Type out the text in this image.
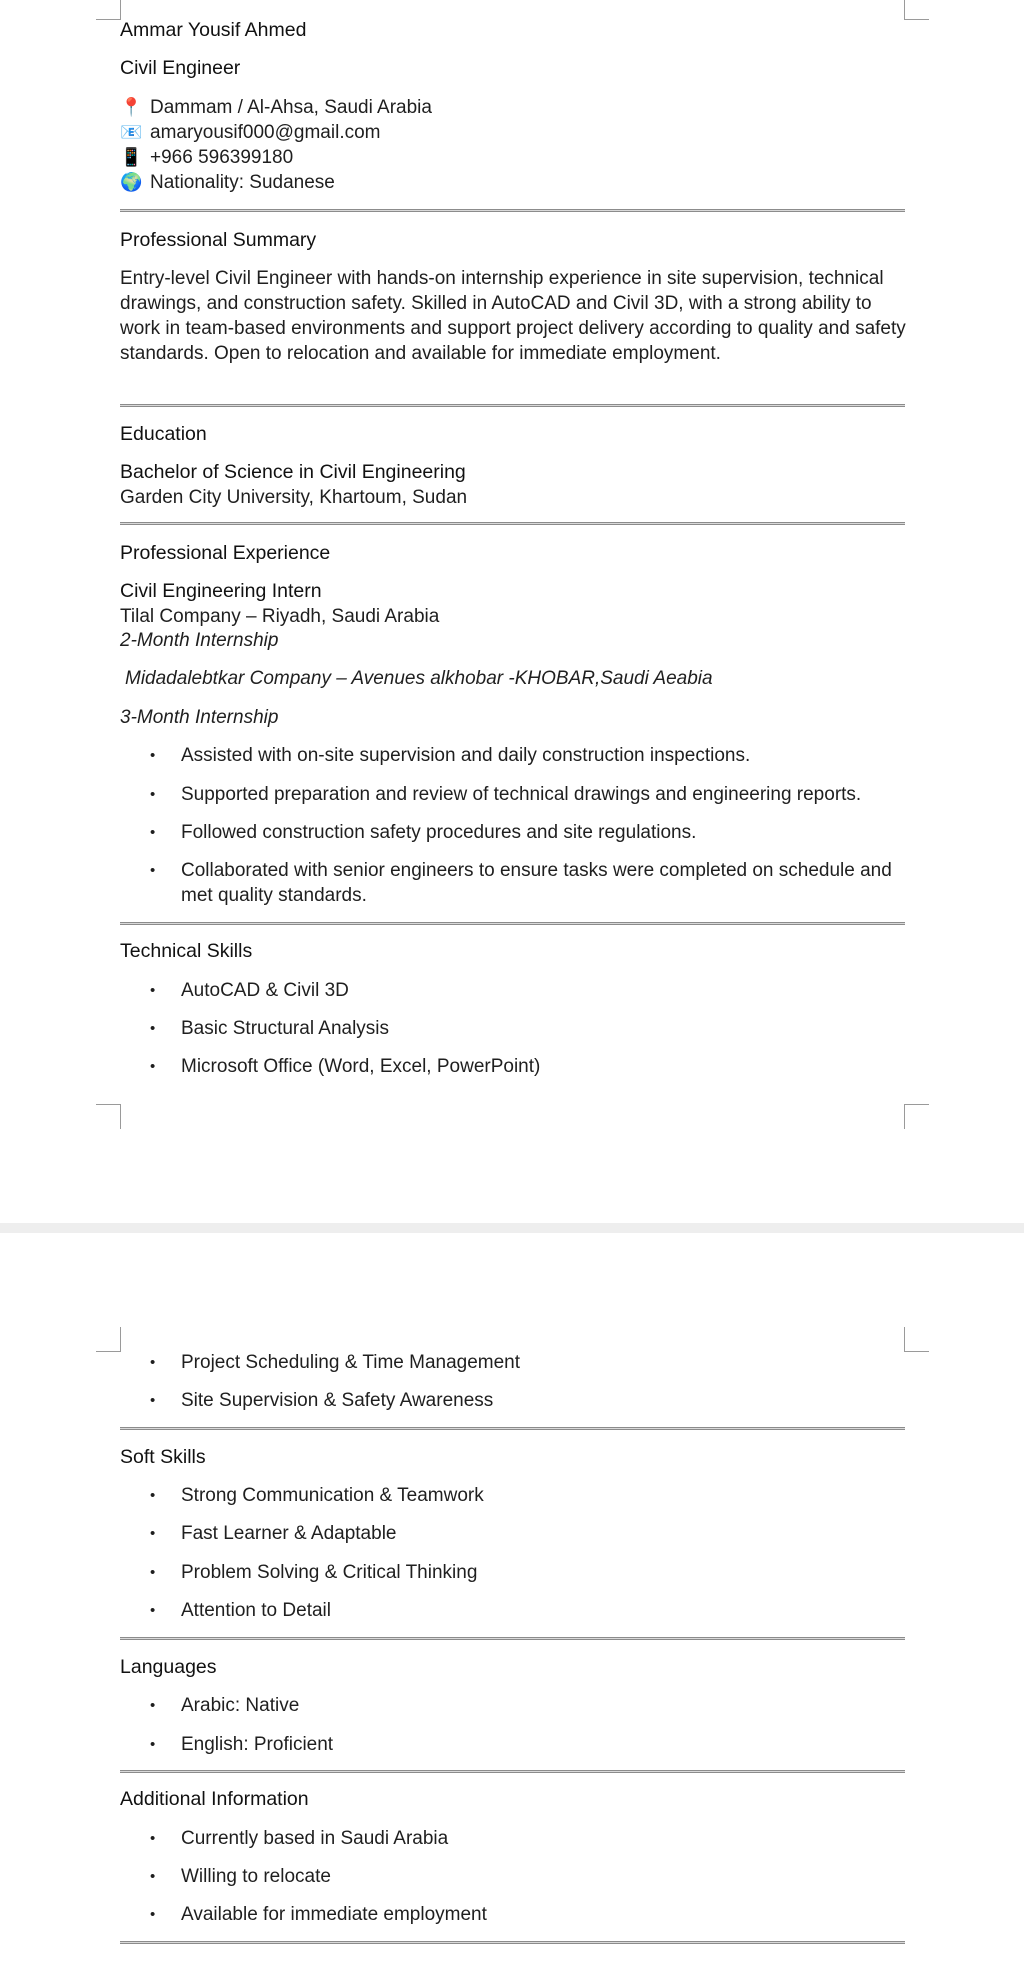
Ammar Yousif Ahmed
Civil Engineer
📍 Dammam / Al-Ahsa, Saudi Arabia
📧 amaryousif000@gmail.com
📱 +966 596399180
🌍 Nationality: Sudanese
Professional Summary
Entry-level Civil Engineer with hands-on internship experience in site supervision, technical drawings, and construction safety. Skilled in AutoCAD and Civil 3D, with a strong ability to work in team-based environments and support project delivery according to quality and safety standards. Open to relocation and available for immediate employment.
Education
Bachelor of Science in Civil Engineering
Garden City University, Khartoum, Sudan
Professional Experience
Civil Engineering Intern
Tilal Company – Riyadh, Saudi Arabia
2-Month Internship
Midadalebtkar Company – Avenues alkhobar -KHOBAR,Saudi Aeabia
3-Month Internship
• Assisted with on-site supervision and daily construction inspections.
• Supported preparation and review of technical drawings and engineering reports.
• Followed construction safety procedures and site regulations.
• Collaborated with senior engineers to ensure tasks were completed on schedule and met quality standards.
Technical Skills
• AutoCAD & Civil 3D
• Basic Structural Analysis
• Microsoft Office (Word, Excel, PowerPoint)
• Project Scheduling & Time Management
• Site Supervision & Safety Awareness
Soft Skills
• Strong Communication & Teamwork
• Fast Learner & Adaptable
• Problem Solving & Critical Thinking
• Attention to Detail
Languages
• Arabic: Native
• English: Proficient
Additional Information
• Currently based in Saudi Arabia
• Willing to relocate
• Available for immediate employment
